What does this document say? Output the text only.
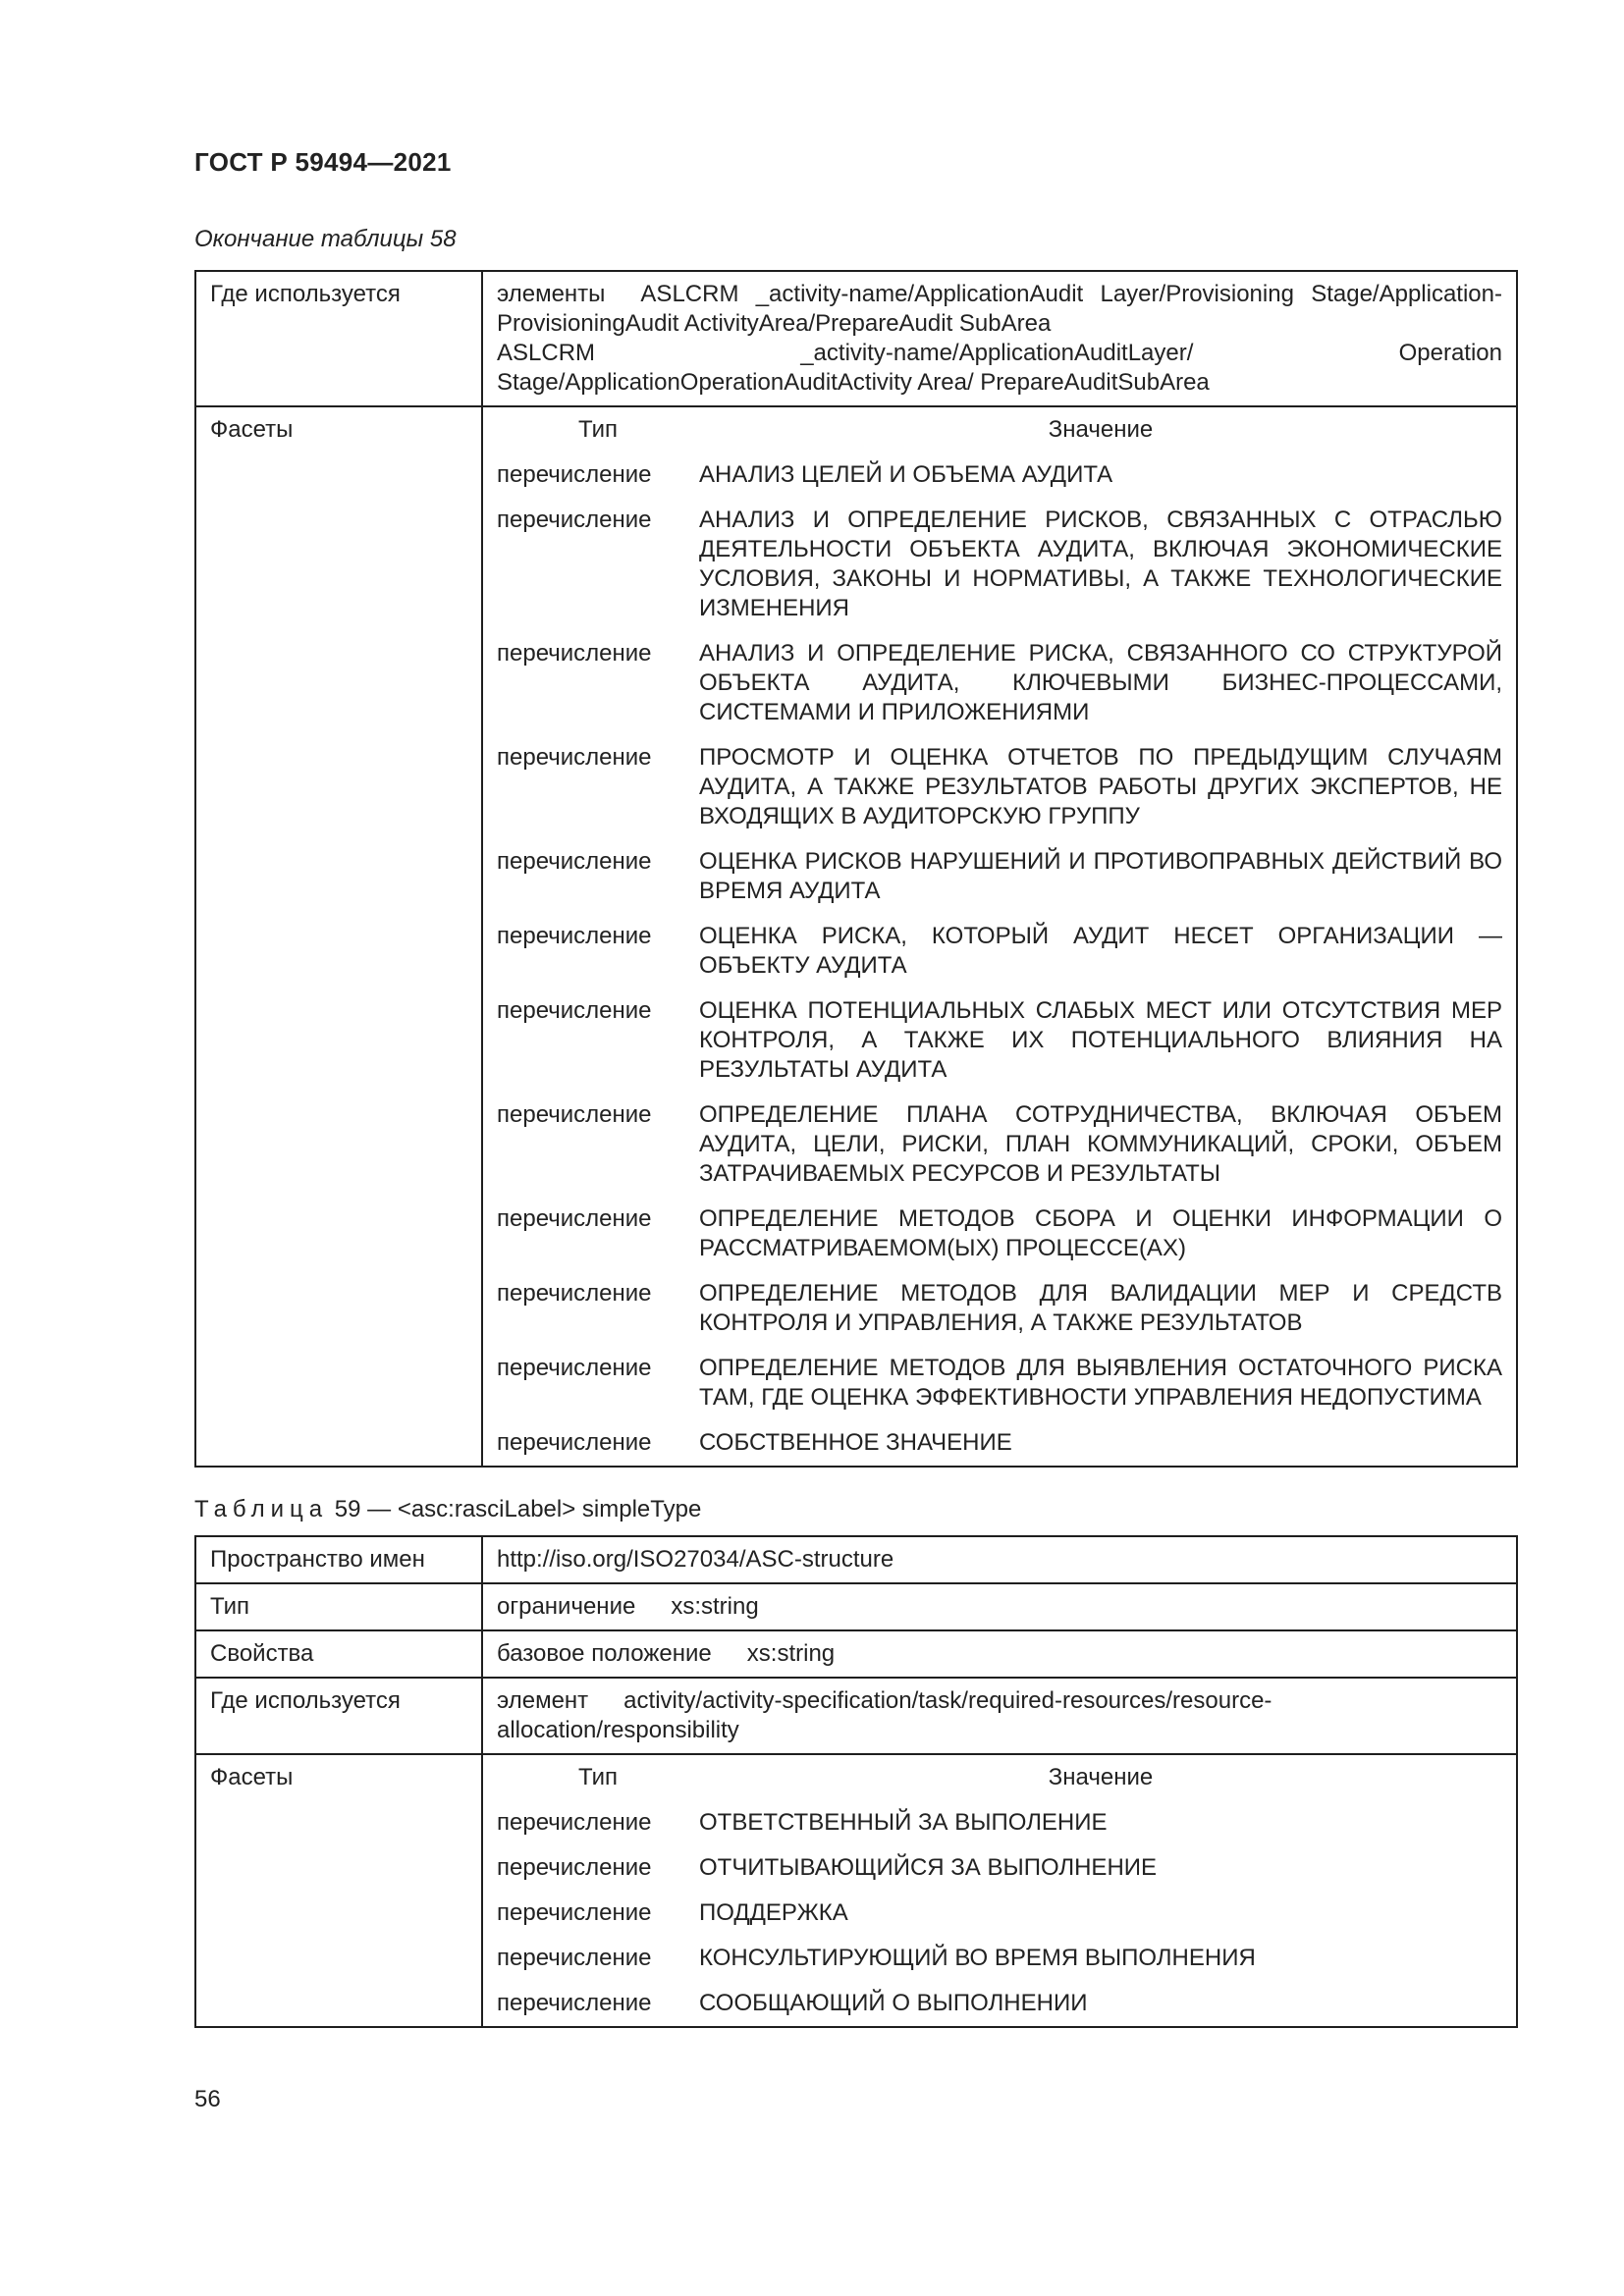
ГОСТ Р 59494—2021
Окончание таблицы 58
Где используется	элементы ASLCRM _activity-name/ApplicationAudit Layer/Provisioning Stage/Application-ProvisioningAudit ActivityArea/PrepareAudit SubArea
ASLCRM _activity-name/ApplicationAuditLayer/ Operation Stage/ApplicationOperationAuditActivity Area/ PrepareAuditSubArea

Фасеты		Тип	Значение
перечисление	АНАЛИЗ ЦЕЛЕЙ И ОБЪЕМА АУДИТА
перечисление	АНАЛИЗ И ОПРЕДЕЛЕНИЕ РИСКОВ, СВЯЗАННЫХ С ОТРАСЛЬЮ ДЕЯТЕЛЬНОСТИ ОБЪЕКТА АУДИТА, ВКЛЮЧАЯ ЭКОНОМИЧЕСКИЕ УСЛОВИЯ, ЗАКОНЫ И НОРМАТИВЫ, А ТАКЖЕ ТЕХНОЛОГИЧЕСКИЕ ИЗМЕНЕНИЯ
перечисление	АНАЛИЗ И ОПРЕДЕЛЕНИЕ РИСКА, СВЯЗАННОГО СО СТРУКТУРОЙ ОБЪЕКТА АУДИТА, КЛЮЧЕВЫМИ БИЗНЕС-ПРОЦЕССАМИ, СИСТЕМАМИ И ПРИЛОЖЕНИЯМИ
перечисление	ПРОСМОТР И ОЦЕНКА ОТЧЕТОВ ПО ПРЕДЫДУЩИМ СЛУЧАЯМ АУДИТА, А ТАКЖЕ РЕЗУЛЬТАТОВ РАБОТЫ ДРУГИХ ЭКСПЕРТОВ, НЕ ВХОДЯЩИХ В АУДИТОРСКУЮ ГРУППУ
перечисление	ОЦЕНКА РИСКОВ НАРУШЕНИЙ И ПРОТИВОПРАВНЫХ ДЕЙСТВИЙ ВО ВРЕМЯ АУДИТА
перечисление	ОЦЕНКА РИСКА, КОТОРЫЙ АУДИТ НЕСЕТ ОРГАНИЗАЦИИ — ОБЪЕКТУ АУДИТА
перечисление	ОЦЕНКА ПОТЕНЦИАЛЬНЫХ СЛАБЫХ МЕСТ ИЛИ ОТСУТСТВИЯ МЕР КОНТРОЛЯ, А ТАКЖЕ ИХ ПОТЕНЦИАЛЬНОГО ВЛИЯНИЯ НА РЕЗУЛЬТАТЫ АУДИТА
перечисление	ОПРЕДЕЛЕНИЕ ПЛАНА СОТРУДНИЧЕСТВА, ВКЛЮЧАЯ ОБЪЕМ АУДИТА, ЦЕЛИ, РИСКИ, ПЛАН КОММУНИКАЦИЙ, СРОКИ, ОБЪЕМ ЗАТРАЧИВАЕМЫХ РЕСУРСОВ И РЕЗУЛЬТАТЫ
перечисление	ОПРЕДЕЛЕНИЕ МЕТОДОВ СБОРА И ОЦЕНКИ ИНФОРМАЦИИ О РАССМАТРИВАЕМОМ(ЫХ) ПРОЦЕССЕ(АХ)
перечисление	ОПРЕДЕЛЕНИЕ МЕТОДОВ ДЛЯ ВАЛИДАЦИИ МЕР И СРЕДСТВ КОНТРОЛЯ И УПРАВЛЕНИЯ, А ТАКЖЕ РЕЗУЛЬТАТОВ
перечисление	ОПРЕДЕЛЕНИЕ МЕТОДОВ ДЛЯ ВЫЯВЛЕНИЯ ОСТАТОЧНОГО РИСКА ТАМ, ГДЕ ОЦЕНКА ЭФФЕКТИВНОСТИ УПРАВЛЕНИЯ НЕДОПУСТИМА
перечисление	СОБСТВЕННОЕ ЗНАЧЕНИЕ
Таблица 59 — <asc:rasciLabel> simpleType
Пространство имен	http://iso.org/ISO27034/ASC-structure
Тип	ограничение xs:string
Свойства	базовое положение xs:string
Где используется	элемент activity/activity-specification/task/required-resources/resource-allocation/responsibility

Фасеты		Тип	Значение
перечисление	ОТВЕТСТВЕННЫЙ ЗА ВЫПОЛЕНИЕ
перечисление	ОТЧИТЫВАЮЩИЙСЯ ЗА ВЫПОЛНЕНИЕ
перечисление	ПОДДЕРЖКА
перечисление	КОНСУЛЬТИРУЮЩИЙ ВО ВРЕМЯ ВЫПОЛНЕНИЯ
перечисление	СООБЩАЮЩИЙ О ВЫПОЛНЕНИИ
56
